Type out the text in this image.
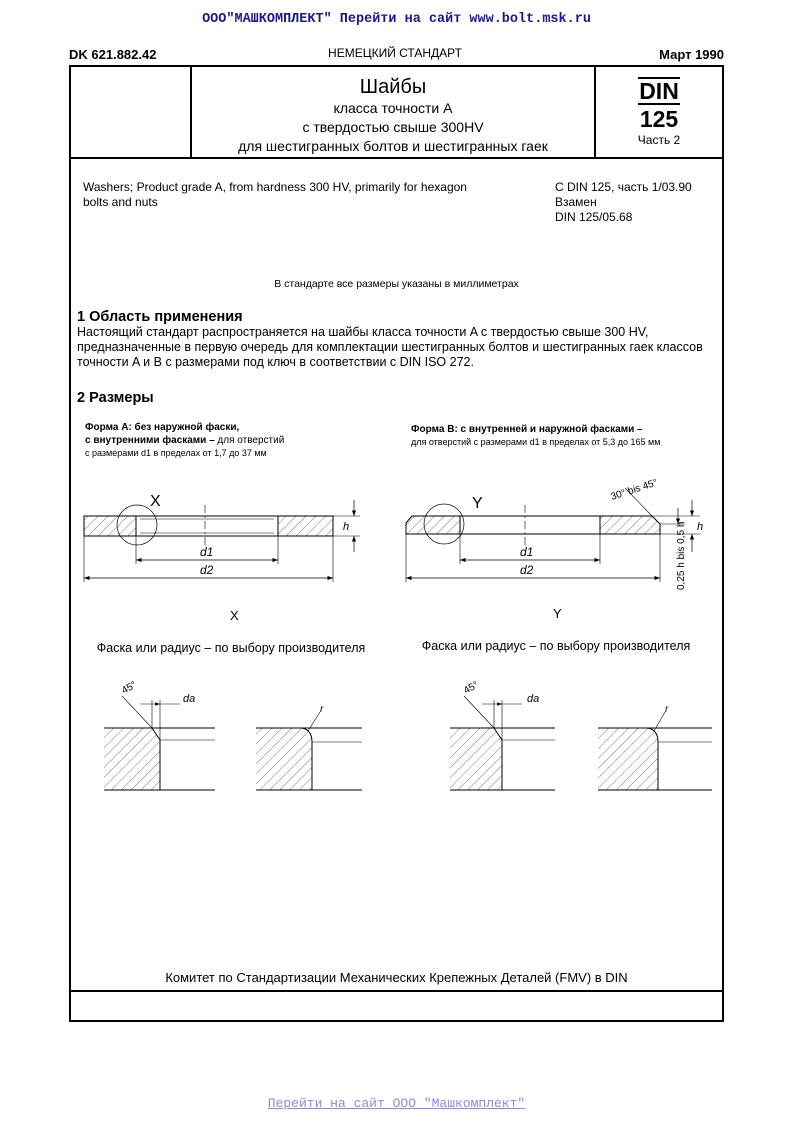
ООО"МАШКОМПЛЕКТ" Перейти на сайт www.bolt.msk.ru
DK 621.882.42	НЕМЕЦКИЙ СТАНДАРТ	Март 1990
Шайбы
класса точности A
с твердостью свыше 300HV
для шестигранных болтов и шестигранных гаек
DIN
125
Часть 2
Washers; Product grade A, from hardness 300 HV, primarily for hexagon bolts and nuts
С DIN 125, часть 1/03.90
Взамен
DIN 125/05.68
В стандарте все размеры указаны в миллиметрах
1 Область применения
Настоящий стандарт распространяется на шайбы класса точности A с твердостью свыше 300 HV, предназначенные в первую очередь для комплектации шестигранных болтов и шестигранных гаек классов точности A и B с размерами под ключ в соответствии с DIN ISO 272.
2 Размеры
Форма A: без наружной фаски,
с внутренними фасками – для отверстий
с размерами d1 в пределах от 1,7 до 37 мм
Форма B: с внутренней и наружной фасками –
для отверстий с размерами d1 в пределах от 5,3 до 165 мм
Фаска или радиус – по выбору производителя	Фаска или радиус – по выбору производителя
Комитет по Стандартизации Механических Крепежных Деталей (FMV) в DIN
X
d1
d2
h
X
Y
30° bis 45°
0,25 h bis 0,5 h
d1
d2
h
Y
45°
da
r
45°
da
r
Перейти на сайт ООО "Машкомплект"
